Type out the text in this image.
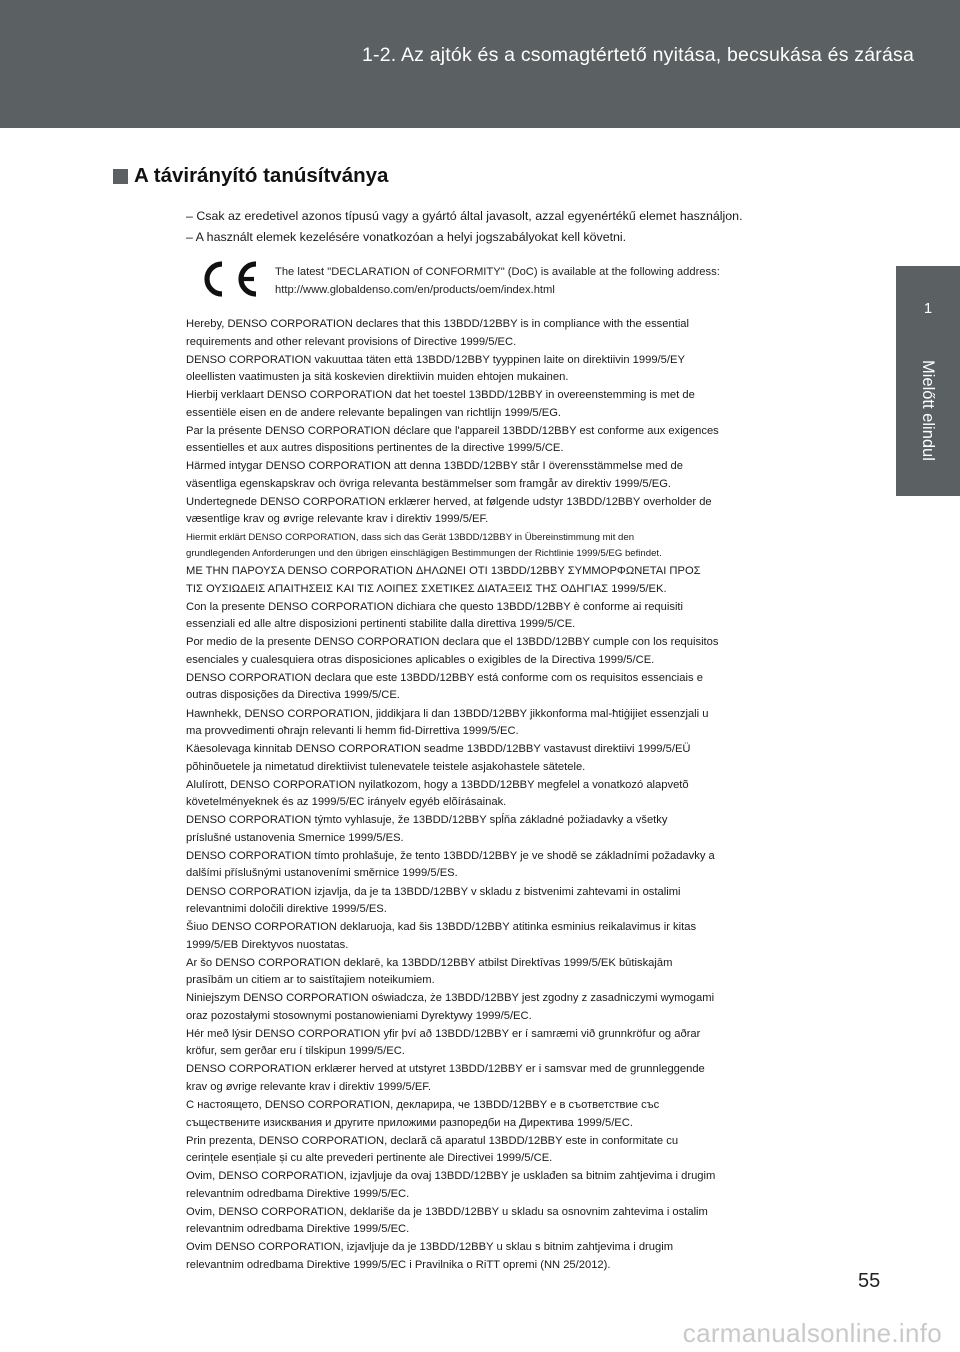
1-2. Az ajtók és a csomagtértető nyitása, becsukása és zárása
1
Mielőtt elindul
A távirányító tanúsítványa
– Csak az eredetivel azonos típusú vagy a gyártó által javasolt, azzal egyenértékű elemet használjon.
– A használt elemek kezelésére vonatkozóan a helyi jogszabályokat kell követni.
The latest "DECLARATION of CONFORMITY" (DoC) is available at the following address:
http://www.globaldenso.com/en/products/oem/index.html
Hereby, DENSO CORPORATION declares that this 13BDD/12BBY is in compliance with the essential
requirements and other relevant provisions of Directive 1999/5/EC.
DENSO CORPORATION vakuuttaa täten että 13BDD/12BBY tyyppinen laite on direktiivin 1999/5/EY
oleellisten vaatimusten ja sitä koskevien direktiivin muiden ehtojen mukainen.
Hierbij verklaart DENSO CORPORATION dat het toestel 13BDD/12BBY in overeenstemming is met de
essentiële eisen en de andere relevante bepalingen van richtlijn 1999/5/EG.
Par la présente DENSO CORPORATION déclare que l'appareil 13BDD/12BBY est conforme aux exigences
essentielles et aux autres dispositions pertinentes de la directive 1999/5/CE.
Härmed intygar DENSO CORPORATION att denna 13BDD/12BBY står I överensstämmelse med de
väsentliga egenskapskrav och övriga relevanta bestämmelser som framgår av direktiv 1999/5/EG.
Undertegnede DENSO CORPORATION erklærer herved, at følgende udstyr 13BDD/12BBY overholder de
væsentlige krav og øvrige relevante krav i direktiv 1999/5/EF.
Hiermit erklärt DENSO CORPORATION, dass sich das Gerät 13BDD/12BBY in Übereinstimmung mit den
grundlegenden Anforderungen und den übrigen einschlägigen Bestimmungen der Richtlinie 1999/5/EG befindet.
ΜΕ ΤΗΝ ΠΑΡΟΥΣΑ DENSO CORPORATION ΔΗΛΩΝΕΙ ΟΤΙ 13BDD/12BBY ΣΥΜΜΟΡΦΩΝΕΤΑΙ ΠΡΟΣ
ΤΙΣ ΟΥΣΙΩΔΕΙΣ ΑΠΑΙΤΗΣΕΙΣ ΚΑΙ ΤΙΣ ΛΟΙΠΕΣ ΣΧΕΤΙΚΕΣ ΔΙΑΤΑΞΕΙΣ ΤΗΣ ΟΔΗΓΙΑΣ 1999/5/ΕΚ.
Con la presente DENSO CORPORATION dichiara che questo 13BDD/12BBY è conforme ai requisiti
essenziali ed alle altre disposizioni pertinenti stabilite dalla direttiva 1999/5/CE.
Por medio de la presente DENSO CORPORATION declara que el 13BDD/12BBY cumple con los requisitos
esenciales y cualesquiera otras disposiciones aplicables o exigibles de la Directiva 1999/5/CE.
DENSO CORPORATION declara que este 13BDD/12BBY está conforme com os requisitos essenciais e
outras disposições da Directiva 1999/5/CE.
Hawnhekk, DENSO CORPORATION, jiddikjara li dan 13BDD/12BBY jikkonforma mal-ħtiġijiet essenzjali u
ma provvedimenti oħrajn relevanti li hemm fid-Dirrettiva 1999/5/EC.
Käesolevaga kinnitab DENSO CORPORATION seadme 13BDD/12BBY vastavust direktiivi 1999/5/EÜ
põhinõuetele ja nimetatud direktiivist tulenevatele teistele asjakohastele sätetele.
Alulírott, DENSO CORPORATION nyilatkozom, hogy a 13BDD/12BBY megfelel a vonatkozó alapvetõ
követelményeknek és az 1999/5/EC irányelv egyéb elõírásainak.
DENSO CORPORATION týmto vyhlasuje, že 13BDD/12BBY spĺňa základné požiadavky a všetky
príslušné ustanovenia Smernice 1999/5/ES.
DENSO CORPORATION tímto prohlašuje, že tento 13BDD/12BBY je ve shodě se základními požadavky a
dalšími příslušnými ustanoveními směrnice 1999/5/ES.
DENSO CORPORATION izjavlja, da je ta 13BDD/12BBY v skladu z bistvenimi zahtevami in ostalimi
relevantnimi določili direktive 1999/5/ES.
Šiuo DENSO CORPORATION deklaruoja, kad šis 13BDD/12BBY atitinka esminius reikalavimus ir kitas
1999/5/EB Direktyvos nuostatas.
Ar šo DENSO CORPORATION deklarē, ka 13BDD/12BBY atbilst Direktīvas 1999/5/EK būtiskajām
prasībām un citiem ar to saistītajiem noteikumiem.
Niniejszym DENSO CORPORATION oświadcza, że 13BDD/12BBY jest zgodny z zasadniczymi wymogami
oraz pozostałymi stosownymi postanowieniami Dyrektywy 1999/5/EC.
Hér með lýsir DENSO CORPORATION yfir því að 13BDD/12BBY er í samræmi við grunnkröfur og aðrar
kröfur, sem gerðar eru í tilskipun 1999/5/EC.
DENSO CORPORATION erklærer herved at utstyret 13BDD/12BBY er i samsvar med de grunnleggende
krav og øvrige relevante krav i direktiv 1999/5/EF.
С настоящето, DENSO CORPORATION, декларира, че 13BDD/12BBY е в съответствие със
съществените изисквания и другите приложими разпоредби на Директива 1999/5/ЕС.
Prin prezenta, DENSO CORPORATION, declară că aparatul 13BDD/12BBY este in conformitate cu
cerințele esențiale și cu alte prevederi pertinente ale Directivei 1999/5/CE.
Ovim, DENSO CORPORATION, izjavljuje da ovaj 13BDD/12BBY je usklađen sa bitnim zahtjevima i drugim
relevantnim odredbama Direktive 1999/5/EC.
Ovim, DENSO CORPORATION, deklariše da je 13BDD/12BBY u skladu sa osnovnim zahtevima i ostalim
relevantnim odredbama Direktive 1999/5/EC.
Ovim DENSO CORPORATION, izjavljuje da je 13BDD/12BBY u sklau s bitnim zahtjevima i drugim
relevantnim odredbama Direktive 1999/5/EC i Pravilnika o RiTT opremi (NN 25/2012).
55
carmanualsonline.info
